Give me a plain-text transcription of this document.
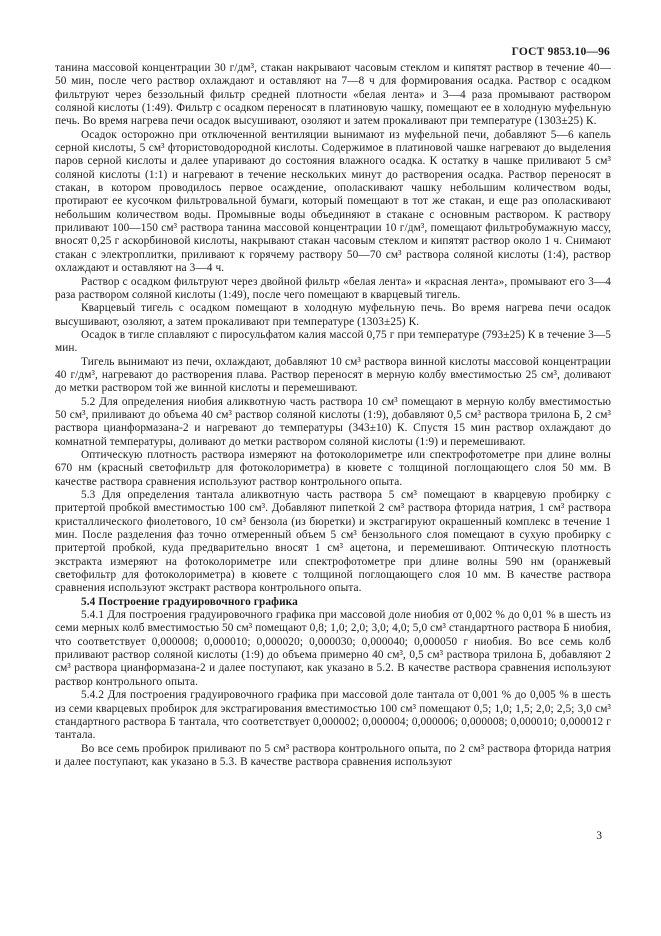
ГОСТ 9853.10—96

танина массовой концентрации 30 г/дм³, стакан накрывают часовым стеклом и кипятят раствор в течение 40—50 мин, после чего раствор охлаждают и оставляют на 7—8 ч для формирования осадка. Раствор с осадком фильтруют через беззольный фильтр средней плотности «белая лента» и 3—4 раза промывают раствором соляной кислоты (1:49). Фильтр с осадком переносят в платиновую чашку, помещают ее в холодную муфельную печь. Во время нагрева печи осадок высушивают, озоляют и затем прокаливают при температуре (1303±25) К.

Осадок осторожно при отключенной вентиляции вынимают из муфельной печи, добавляют 5—6 капель серной кислоты, 5 см³ фтористоводородной кислоты. Содержимое в платиновой чашке нагревают до выделения паров серной кислоты и далее упаривают до состояния влажного осадка. К остатку в чашке приливают 5 см³ соляной кислоты (1:1) и нагревают в течение нескольких минут до растворения осадка. Раствор переносят в стакан, в котором проводилось первое осаждение, ополаскивают чашку небольшим количеством воды, протирают ее кусочком фильтровальной бумаги, который помещают в тот же стакан, и еще раз ополаскивают небольшим количеством воды. Промывные воды объединяют в стакане с основным раствором. К раствору приливают 100—150 см³ раствора танина массовой концентрации 10 г/дм³, помещают фильтробумажную массу, вносят 0,25 г аскорбиновой кислоты, накрывают стакан часовым стеклом и кипятят раствор около 1 ч. Снимают стакан с электроплитки, приливают к горячему раствору 50—70 см³ раствора соляной кислоты (1:4), раствор охлаждают и оставляют на 3—4 ч.

Раствор с осадком фильтруют через двойной фильтр «белая лента» и «красная лента», промывают его 3—4 раза раствором соляной кислоты (1:49), после чего помещают в кварцевый тигель.

Кварцевый тигель с осадком помещают в холодную муфельную печь. Во время нагрева печи осадок высушивают, озоляют, а затем прокаливают при температуре (1303±25) К.

Осадок в тигле сплавляют с пиросульфатом калия массой 0,75 г при температуре (793±25) К в течение 3—5 мин.

Тигель вынимают из печи, охлаждают, добавляют 10 см³ раствора винной кислоты массовой концентрации 40 г/дм³, нагревают до растворения плава. Раствор переносят в мерную колбу вместимостью 25 см³, доливают до метки раствором той же винной кислоты и перемешивают.

5.2 Для определения ниобия аликвотную часть раствора 10 см³ помещают в мерную колбу вместимостью 50 см³, приливают до объема 40 см³ раствор соляной кислоты (1:9), добавляют 0,5 см³ раствора трилона Б, 2 см³ раствора цианформазана-2 и нагревают до температуры (343±10) К. Спустя 15 мин раствор охлаждают до комнатной температуры, доливают до метки раствором соляной кислоты (1:9) и перемешивают.

Оптическую плотность раствора измеряют на фотоколориметре или спектрофотометре при длине волны 670 нм (красный светофильтр для фотоколориметра) в кювете с толщиной поглощающего слоя 50 мм. В качестве раствора сравнения используют раствор контрольного опыта.

5.3 Для определения тантала аликвотную часть раствора 5 см³ помещают в кварцевую пробирку с притертой пробкой вместимостью 100 см³. Добавляют пипеткой 2 см³ раствора фторида натрия, 1 см³ раствора кристаллического фиолетового, 10 см³ бензола (из бюретки) и экстрагируют окрашенный комплекс в течение 1 мин. После разделения фаз точно отмеренный объем 5 см³ бензольного слоя помещают в сухую пробирку с притертой пробкой, куда предварительно вносят 1 см³ ацетона, и перемешивают. Оптическую плотность экстракта измеряют на фотоколориметре или спектрофотометре при длине волны 590 нм (оранжевый светофильтр для фотоколориметра) в кювете с толщиной поглощающего слоя 10 мм. В качестве раствора сравнения используют экстракт раствора контрольного опыта.

5.4 Построение градуировочного графика

5.4.1 Для построения градуировочного графика при массовой доле ниобия от 0,002 % до 0,01 % в шесть из семи мерных колб вместимостью 50 см³ помещают 0,8; 1,0; 2,0; 3,0; 4,0; 5,0 см³ стандартного раствора Б ниобия, что соответствует 0,000008; 0,000010; 0,000020; 0,000030; 0,000040; 0,000050 г ниобия. Во все семь колб приливают раствор соляной кислоты (1:9) до объема примерно 40 см³, 0,5 см³ раствора трилона Б, добавляют 2 см³ раствора цианформазана-2 и далее поступают, как указано в 5.2. В качестве раствора сравнения используют раствор контрольного опыта.

5.4.2 Для построения градуировочного графика при массовой доле тантала от 0,001 % до 0,005 % в шесть из семи кварцевых пробирок для экстрагирования вместимостью 100 см³ помещают 0,5; 1,0; 1,5; 2,0; 2,5; 3,0 см³ стандартного раствора Б тантала, что соответствует 0,000002; 0,000004; 0,000006; 0,000008; 0,000010; 0,000012 г тантала.

Во все семь пробирок приливают по 5 см³ раствора контрольного опыта, по 2 см³ раствора фторида натрия и далее поступают, как указано в 5.3. В качестве раствора сравнения используют

3
